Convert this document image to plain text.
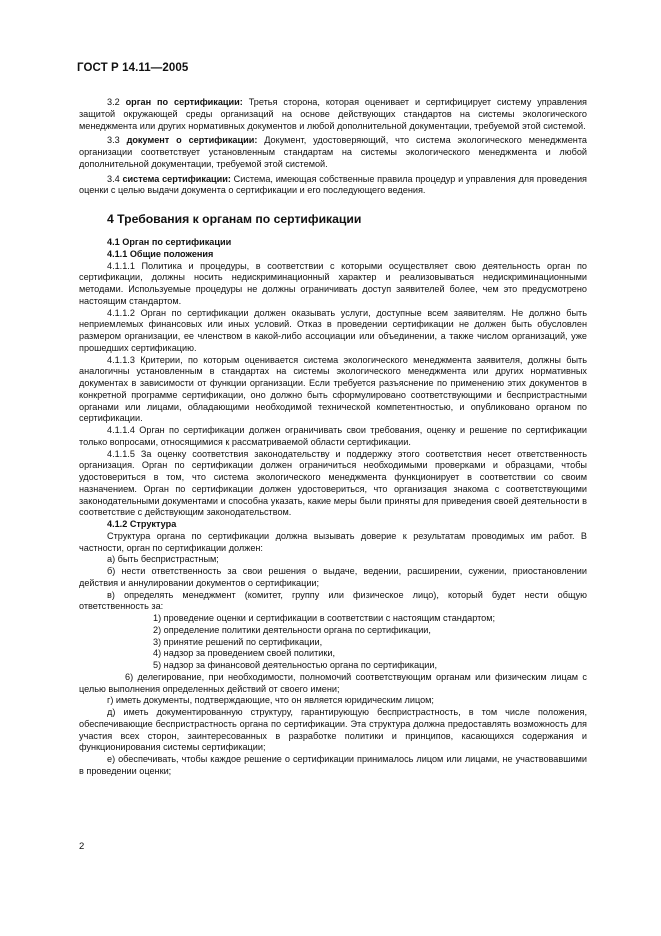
ГОСТ Р 14.11—2005

3.2 орган по сертификации: Третья сторона, которая оценивает и сертифицирует систему управления защитой окружающей среды организаций на основе действующих стандартов на системы экологического менеджмента или других нормативных документов и любой дополнительной документации, требуемой этой системой.

3.3 документ о сертификации: Документ, удостоверяющий, что система экологического менеджмента организации соответствует установленным стандартам на системы экологического менеджмента и любой дополнительной документации, требуемой этой системой.

3.4 система сертификации: Система, имеющая собственные правила процедур и управления для проведения оценки с целью выдачи документа о сертификации и его последующего ведения.

4 Требования к органам по сертификации
4.1 Орган по сертификации
4.1.1 Общие положения

4.1.1.1 Политика и процедуры, в соответствии с которыми осуществляет свою деятельность орган по сертификации, должны носить недискриминационный характер и реализовываться недискриминационными методами. Используемые процедуры не должны ограничивать доступ заявителей более, чем это предусмотрено настоящим стандартом.

4.1.1.2 Орган по сертификации должен оказывать услуги, доступные всем заявителям. Не должно быть неприемлемых финансовых или иных условий. Отказ в проведении сертификации не должен быть обусловлен размером организации, ее членством в какой-либо ассоциации или объединении, а также числом организаций, уже прошедших сертификацию.

4.1.1.3 Критерии, по которым оценивается система экологического менеджмента заявителя, должны быть аналогичны установленным в стандартах на системы экологического менеджмента или других нормативных документах в зависимости от функции организации. Если требуется разъяснение по применению этих документов в конкретной программе сертификации, оно должно быть сформулировано соответствующими и беспристрастными органами или лицами, обладающими необходимой технической компетентностью, и опубликовано органом по сертификации.

4.1.1.4 Орган по сертификации должен ограничивать свои требования, оценку и решение по сертификации только вопросами, относящимися к рассматриваемой области сертификации.

4.1.1.5 За оценку соответствия законодательству и поддержку этого соответствия несет ответственность организация. Орган по сертификации должен ограничиться необходимыми проверками и образцами, чтобы удостовериться в том, что система экологического менеджмента функционирует в соответствии со своим назначением. Орган по сертификации должен удостовериться, что организация знакома с соответствующими законодательными документами и способна указать, какие меры были приняты для приведения своей деятельности в соответствие с действующим законодательством.

4.1.2 Структура

Структура органа по сертификации должна вызывать доверие к результатам проводимых им работ. В частности, орган по сертификации должен:

а) быть беспристрастным;

б) нести ответственность за свои решения о выдаче, ведении, расширении, сужении, приостановлении действия и аннулировании документов о сертификации;

в) определять менеджмент (комитет, группу или физическое лицо), который будет нести общую ответственность за:

1) проведение оценки и сертификации в соответствии с настоящим стандартом;

2) определение политики деятельности органа по сертификации,

3) принятие решений по сертификации,

4) надзор за проведением своей политики,

5) надзор за финансовой деятельностью органа по сертификации,

6) делегирование, при необходимости, полномочий соответствующим органам или физическим лицам с целью выполнения определенных действий от своего имени;

г) иметь документы, подтверждающие, что он является юридическим лицом;

д) иметь документированную структуру, гарантирующую беспристрастность, в том числе положения, обеспечивающие беспристрастность органа по сертификации. Эта структура должна предоставлять возможность для участия всех сторон, заинтересованных в разработке политики и принципов, касающихся содержания и функционирования системы сертификации;

е) обеспечивать, чтобы каждое решение о сертификации принималось лицом или лицами, не участвовавшими в проведении оценки;

2
